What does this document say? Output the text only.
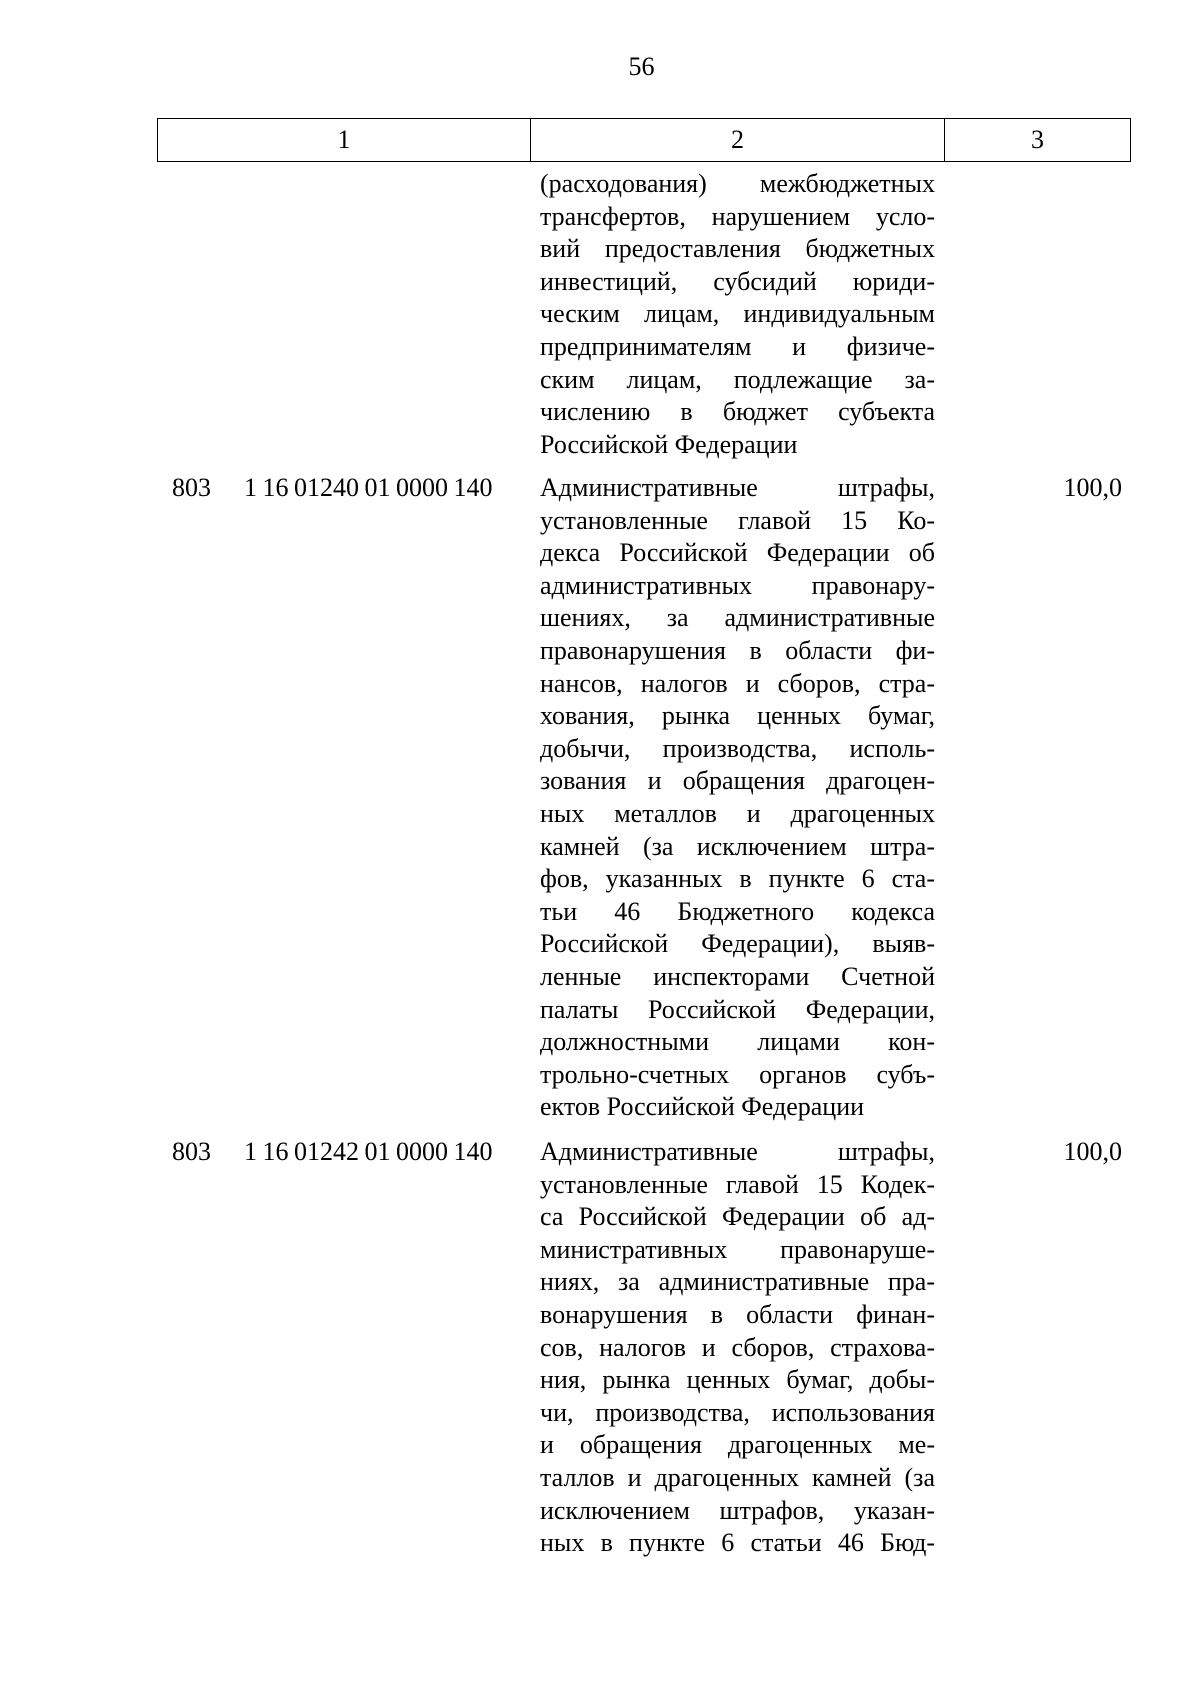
56
1	2	3
(расходования) межбюджетных
трансфертов, нарушением усло-
вий предоставления бюджетных
инвестиций, субсидий юриди-
ческим лицам, индивидуальным
предпринимателям и физиче-
ским лицам, подлежащие за-
числению в бюджет субъекта
Российской Федерации
803 1 16 01240 01 0000 140 Административные штрафы,
установленные главой 15 Ко-
декса Российской Федерации об
административных правонару-
шениях, за административные
правонарушения в области фи-
нансов, налогов и сборов, стра-
хования, рынка ценных бумаг,
добычи, производства, исполь-
зования и обращения драгоцен-
ных металлов и драгоценных
камней (за исключением штра-
фов, указанных в пункте 6 ста-
тьи 46 Бюджетного кодекса
Российской Федерации), выяв-
ленные инспекторами Счетной
палаты Российской Федерации,
должностными лицами кон-
трольно-счетных органов субъ-
ектов Российской Федерации
100,0
803 1 16 01242 01 0000 140 Административные штрафы,
установленные главой 15 Кодек-
са Российской Федерации об ад-
министративных правонаруше-
ниях, за административные пра-
вонарушения в области финан-
сов, налогов и сборов, страхова-
ния, рынка ценных бумаг, добы-
чи, производства, использования
и обращения драгоценных ме-
таллов и драгоценных камней (за
исключением штрафов, указан-
ных в пункте 6 статьи 46 Бюд-
100,0
